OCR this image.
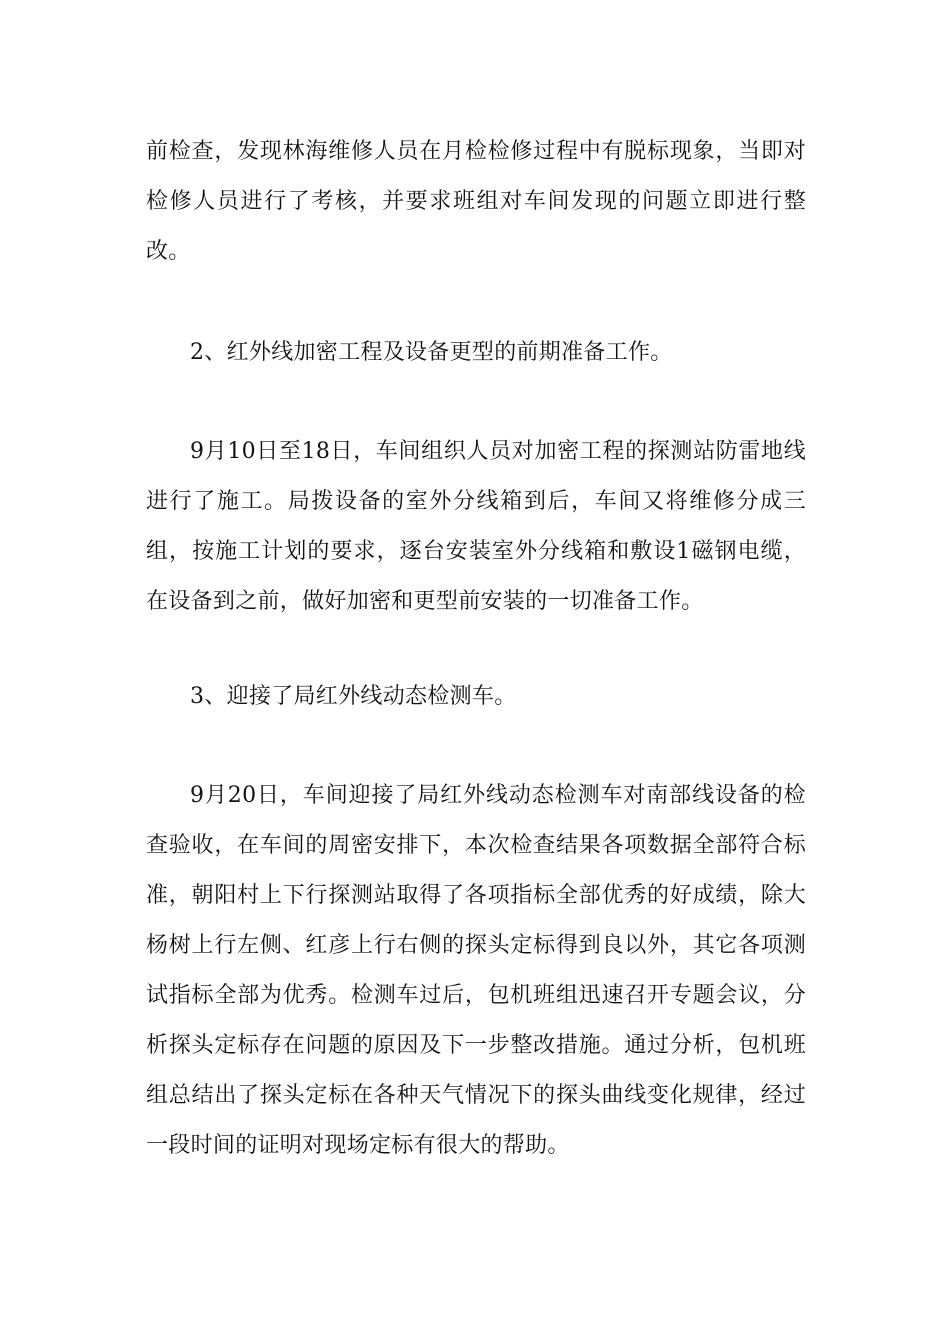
前检查，发现林海维修人员在月检检修过程中有脱标现象，当即对检修人员进行了考核，并要求班组对车间发现的问题立即进行整改。

2、红外线加密工程及设备更型的前期准备工作。

9月10日至18日，车间组织人员对加密工程的探测站防雷地线进行了施工。局拨设备的室外分线箱到后，车间又将维修分成三组，按施工计划的要求，逐台安装室外分线箱和敷设1磁钢电缆，在设备到之前，做好加密和更型前安装的一切准备工作。

3、迎接了局红外线动态检测车。

9月20日，车间迎接了局红外线动态检测车对南部线设备的检查验收，在车间的周密安排下，本次检查结果各项数据全部符合标准，朝阳村上下行探测站取得了各项指标全部优秀的好成绩，除大杨树上行左侧、红彦上行右侧的探头定标得到良以外，其它各项测试指标全部为优秀。检测车过后，包机班组迅速召开专题会议，分析探头定标存在问题的原因及下一步整改措施。通过分析，包机班组总结出了探头定标在各种天气情况下的探头曲线变化规律，经过一段时间的证明对现场定标有很大的帮助。
